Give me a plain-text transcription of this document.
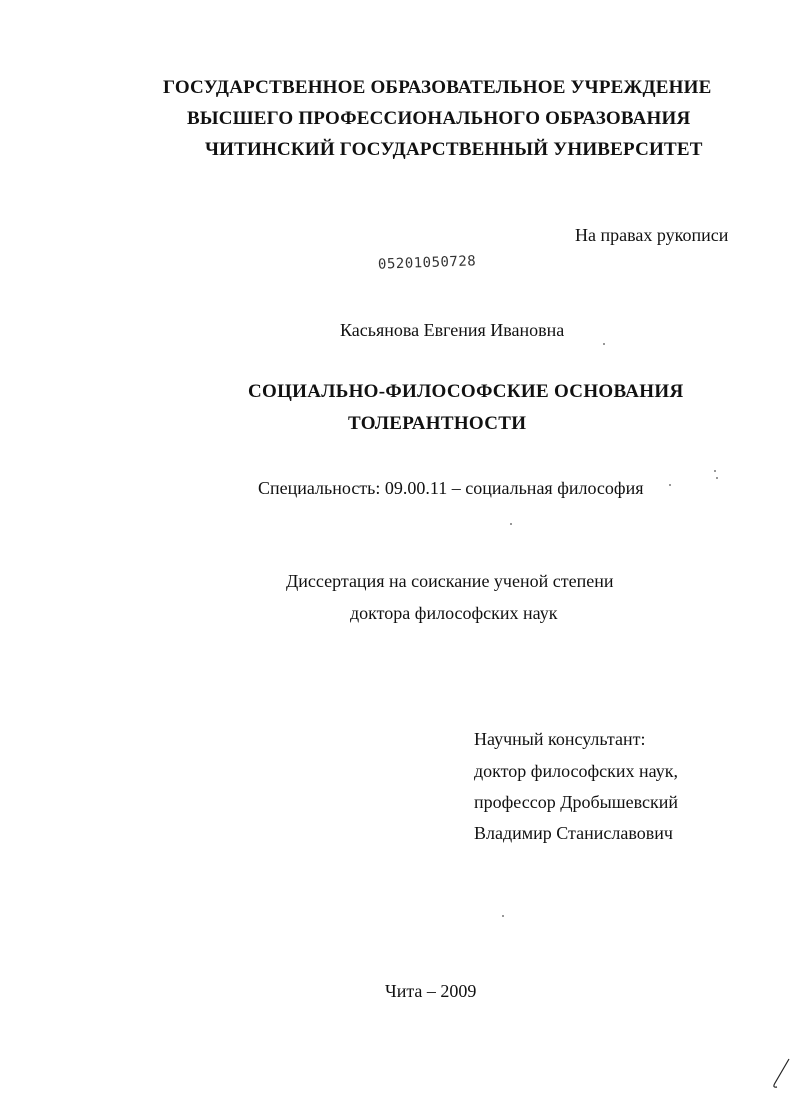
ГОСУДАРСТВЕННОЕ ОБРАЗОВАТЕЛЬНОЕ УЧРЕЖДЕНИЕ
ВЫСШЕГО ПРОФЕССИОНАЛЬНОГО ОБРАЗОВАНИЯ
ЧИТИНСКИЙ ГОСУДАРСТВЕННЫЙ УНИВЕРСИТЕТ
На правах рукописи
05201050728
Касьянова Евгения Ивановна
СОЦИАЛЬНО-ФИЛОСОФСКИЕ ОСНОВАНИЯ
ТОЛЕРАНТНОСТИ
Специальность: 09.00.11 – социальная философия
Диссертация на соискание ученой степени
доктора философских наук
Научный консультант:
доктор философских наук,
профессор Дробышевский
Владимир Станиславович
Чита – 2009
